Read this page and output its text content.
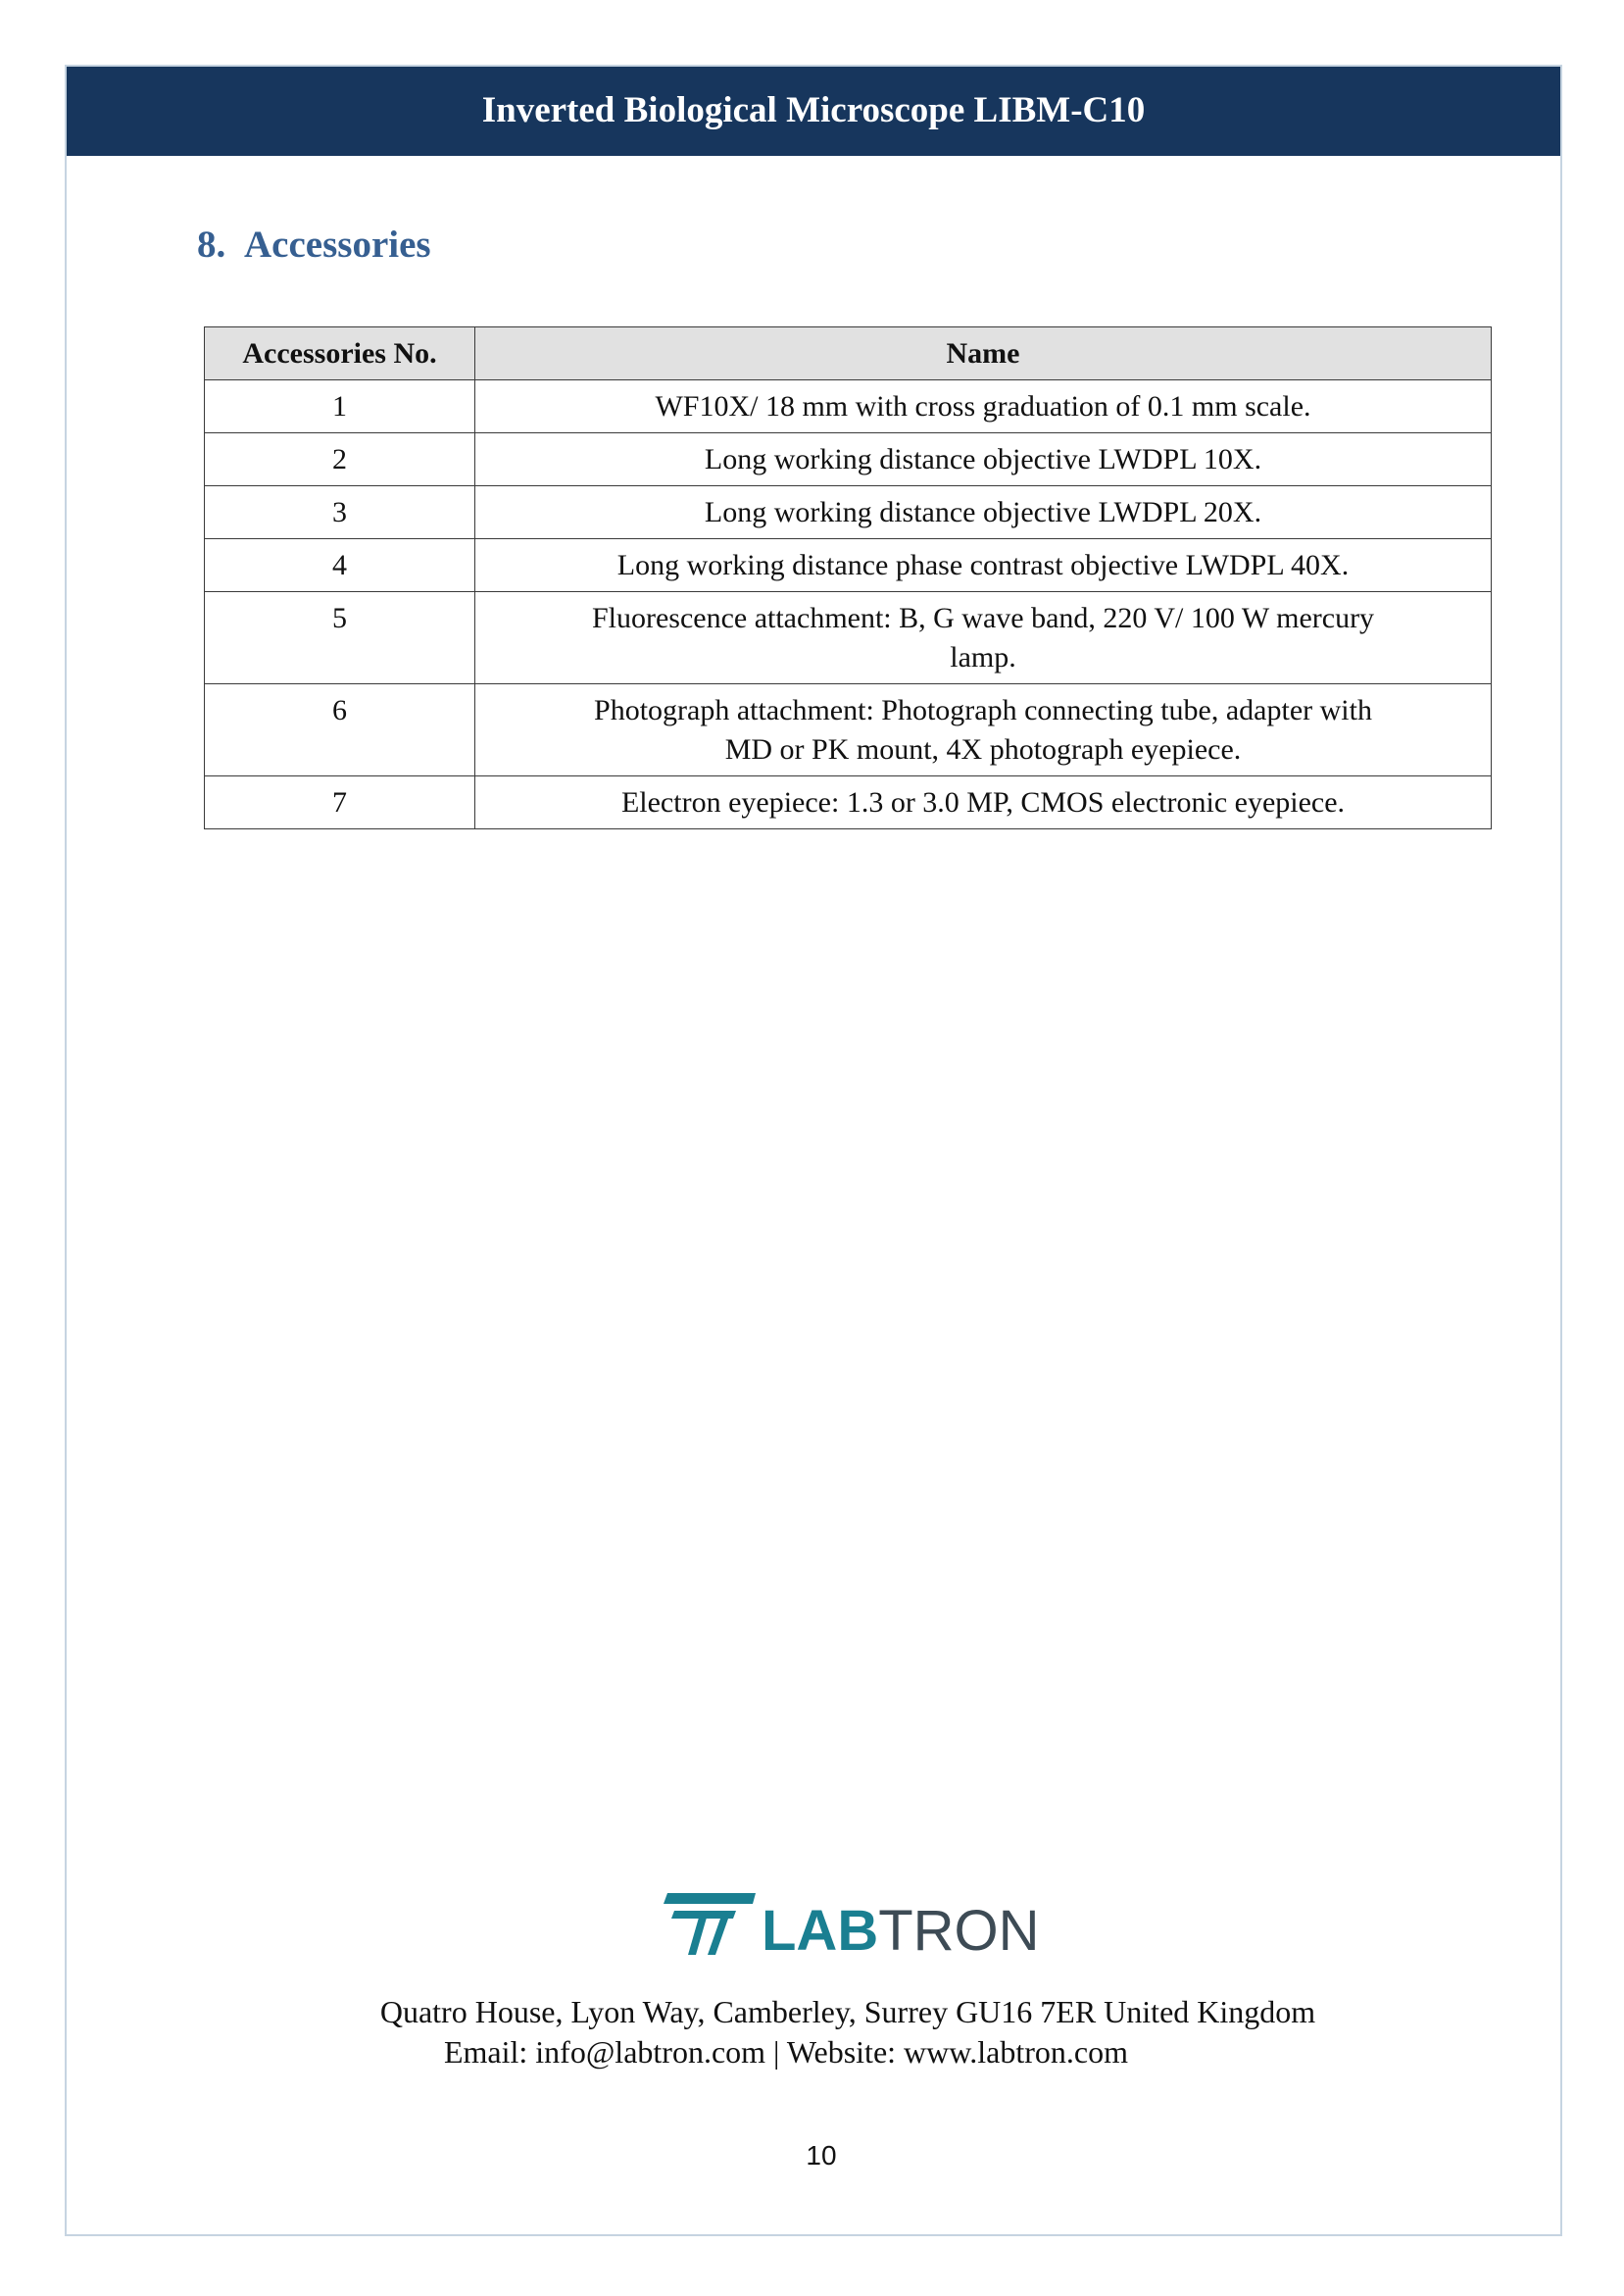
Inverted Biological Microscope LIBM-C10
8. Accessories
Accessories No.	Name
1	WF10X/ 18 mm with cross graduation of 0.1 mm scale.

2	Long working distance objective LWDPL 10X.

3	Long working distance objective LWDPL 20X.

4	Long working distance phase contrast objective LWDPL 40X.

5	Fluorescence attachment: B, G wave band, 220 V/ 100 W mercury lamp.

6	Photograph attachment: Photograph connecting tube, adapter with MD or PK mount, 4X photograph eyepiece.

7	Electron eyepiece: 1.3 or 3.0 MP, CMOS electronic eyepiece.
LABTRON
Quatro House, Lyon Way, Camberley, Surrey GU16 7ER United Kingdom
Email: info@labtron.com | Website: www.labtron.com
10
